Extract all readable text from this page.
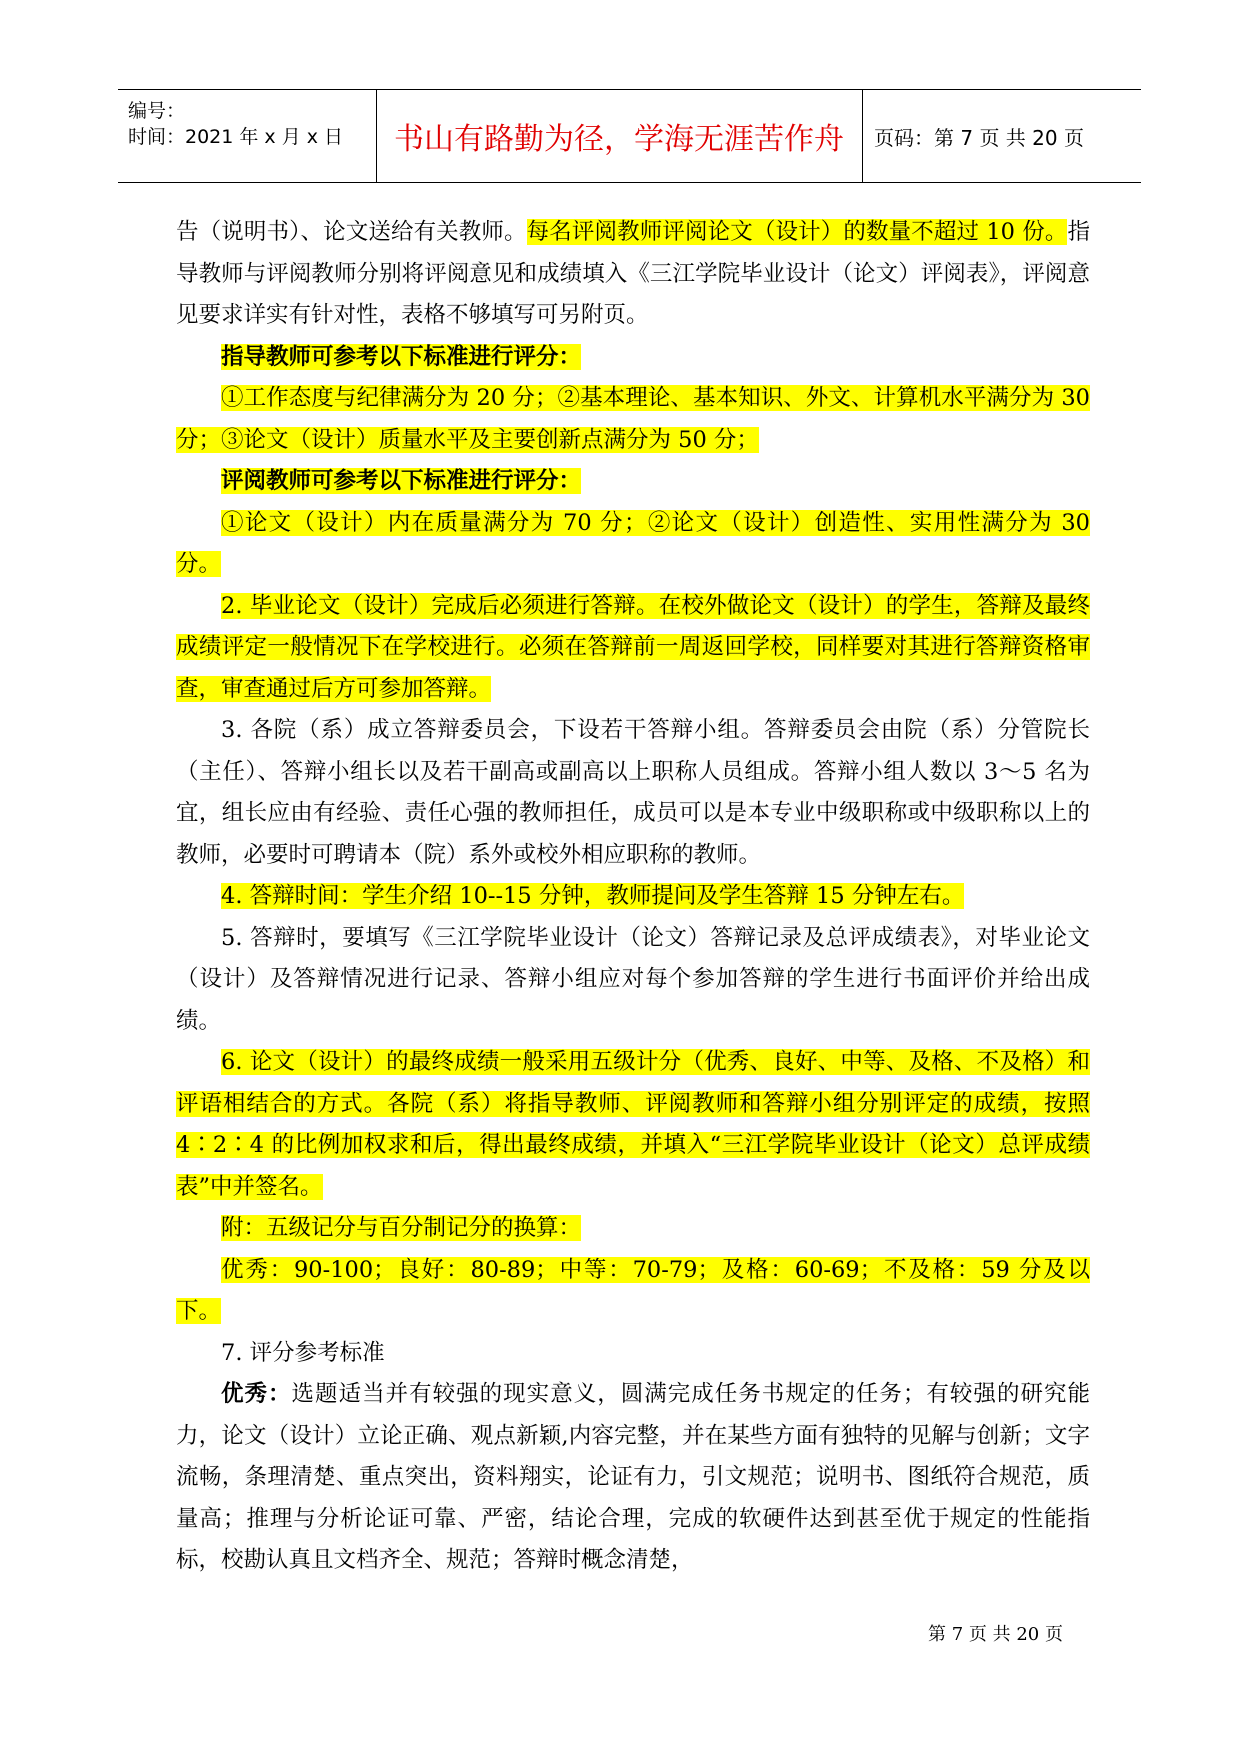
编号：
时间：2021 年 x 月 x 日	书山有路勤为径，学海无涯苦作舟	页码：第 7 页 共 20 页

告（说明书）、论文送给有关教师。每名评阅教师评阅论文（设计）的数量不超过 10 份。指导教师与评阅教师分别将评阅意见和成绩填入《三江学院毕业设计（论文）评阅表》，评阅意见要求详实有针对性，表格不够填写可另附页。

指导教师可参考以下标准进行评分：

①工作态度与纪律满分为 20 分；②基本理论、基本知识、外文、计算机水平满分为 30 分；③论文（设计）质量水平及主要创新点满分为 50 分；

评阅教师可参考以下标准进行评分：

①论文（设计）内在质量满分为 70 分；②论文（设计）创造性、实用性满分为 30 分。

2. 毕业论文（设计）完成后必须进行答辩。在校外做论文（设计）的学生，答辩及最终成绩评定一般情况下在学校进行。必须在答辩前一周返回学校，同样要对其进行答辩资格审查，审查通过后方可参加答辩。

3. 各院（系）成立答辩委员会，下设若干答辩小组。答辩委员会由院（系）分管院长（主任）、答辩小组长以及若干副高或副高以上职称人员组成。答辩小组人数以 3～5 名为宜，组长应由有经验、责任心强的教师担任，成员可以是本专业中级职称或中级职称以上的教师，必要时可聘请本（院）系外或校外相应职称的教师。

4. 答辩时间：学生介绍 10--15 分钟，教师提问及学生答辩 15 分钟左右。

5. 答辩时，要填写《三江学院毕业设计（论文）答辩记录及总评成绩表》，对毕业论文（设计）及答辩情况进行记录、答辩小组应对每个参加答辩的学生进行书面评价并给出成绩。

6. 论文（设计）的最终成绩一般采用五级计分（优秀、良好、中等、及格、不及格）和评语相结合的方式。各院（系）将指导教师、评阅教师和答辩小组分别评定的成绩，按照 4∶2∶4 的比例加权求和后，得出最终成绩，并填入“三江学院毕业设计（论文）总评成绩表”中并签名。

附：五级记分与百分制记分的换算：

优秀：90-100；良好：80-89；中等：70-79；及格：60-69；不及格：59 分及以下。

7. 评分参考标准

优秀：选题适当并有较强的现实意义，圆满完成任务书规定的任务；有较强的研究能力，论文（设计）立论正确、观点新颖,内容完整，并在某些方面有独特的见解与创新；文字流畅，条理清楚、重点突出，资料翔实，论证有力，引文规范；说明书、图纸符合规范，质量高；推理与分析论证可靠、严密，结论合理，完成的软硬件达到甚至优于规定的性能指标，校勘认真且文档齐全、规范；答辩时概念清楚，

第 7 页 共 20 页
